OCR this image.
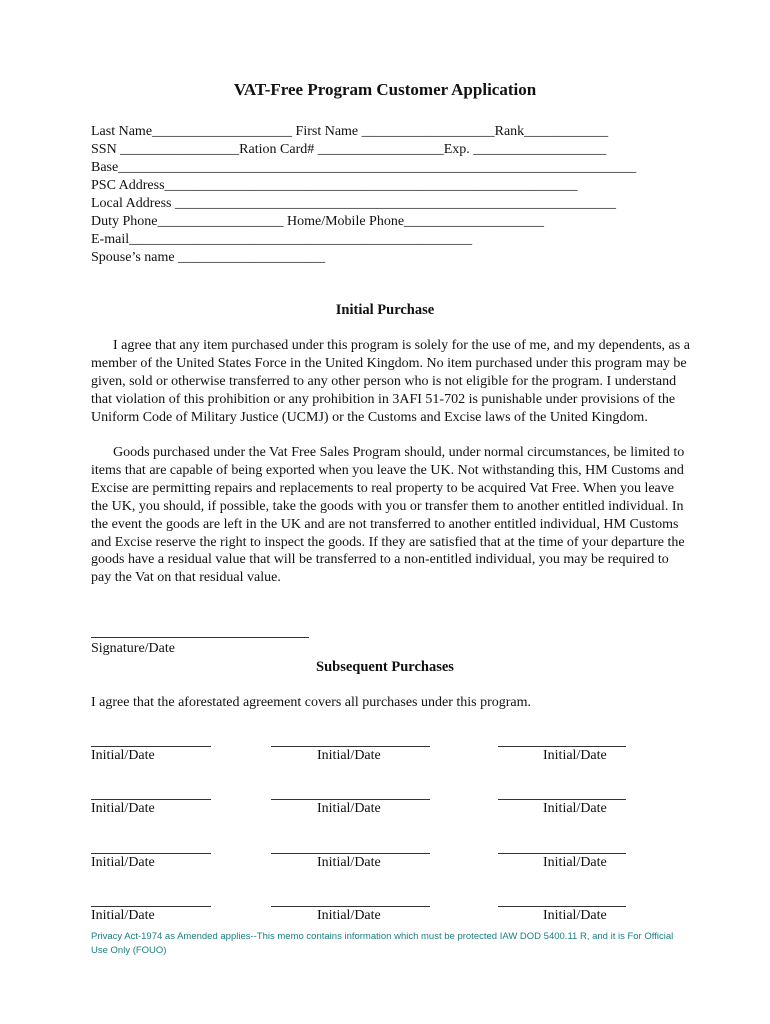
VAT-Free Program Customer Application
Last Name____________________ First Name ___________________Rank____________
SSN _________________Ration Card# __________________Exp. ___________________
Base__________________________________________________________________________
PSC Address___________________________________________________________
Local Address _______________________________________________________________
Duty Phone__________________ Home/Mobile Phone____________________
E-mail_________________________________________________
Spouse’s name _____________________
Initial Purchase

I agree that any item purchased under this program is solely for the use of me, and my dependents, as a member of the United States Force in the United Kingdom. No item purchased under this program may be given, sold or otherwise transferred to any other person who is not eligible for the program. I understand that violation of this prohibition or any prohibition in 3AFI 51-702 is punishable under provisions of the Uniform Code of Military Justice (UCMJ) or the Customs and Excise laws of the United Kingdom.

Goods purchased under the Vat Free Sales Program should, under normal circumstances, be limited to items that are capable of being exported when you leave the UK. Not withstanding this, HM Customs and Excise are permitting repairs and replacements to real property to be acquired Vat Free. When you leave the UK, you should, if possible, take the goods with you or transfer them to another entitled individual. In the event the goods are left in the UK and are not transferred to another entitled individual, HM Customs and Excise reserve the right to inspect the goods. If they are satisfied that at the time of your departure the goods have a residual value that will be transferred to a non-entitled individual, you may be required to pay the Vat on that residual value.

Signature/Date
Subsequent Purchases
I agree that the aforestated agreement covers all purchases under this program.
Initial/Date	Initial/Date	Initial/Date
Initial/Date	Initial/Date	Initial/Date
Initial/Date	Initial/Date	Initial/Date
Initial/Date	Initial/Date	Initial/Date
Privacy Act-1974 as Amended applies--This memo contains information which must be protected IAW DOD 5400.11 R, and it is For Official Use Only (FOUO)
